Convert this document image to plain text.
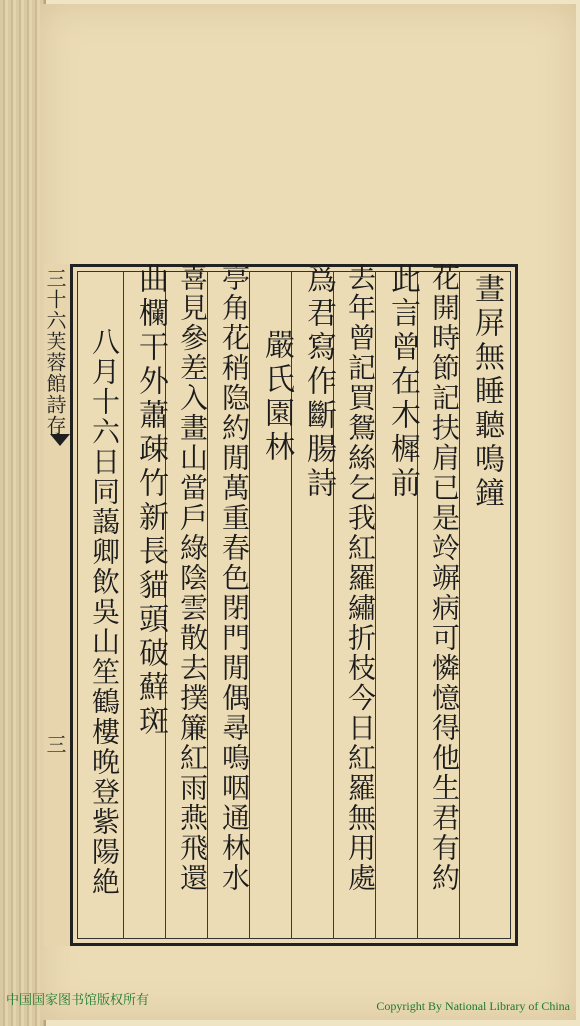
三十六芙蓉館詩存
三
晝屏無睡聽鳴鐘
花開時節記扶肩已是竛竮病可憐憶得他生君有約
此言曾在木樨前
去年曾記買鴛絲乞我紅羅繡折枝今日紅羅無用處
爲君寫作斷腸詩
嚴氏園林
亭角花稍隐約閒萬重春色閉門閒偶尋鳴咽通林水
喜見參差入畫山當戶綠陰雲散去撲簾紅雨燕飛還
曲欄干外蕭疎竹新長貓頭破蘚斑
八月十六日同藹卿飲吳山笙鶴樓晚登紫陽絶
中国国家图书馆版权所有	Copyright By National Library of China
